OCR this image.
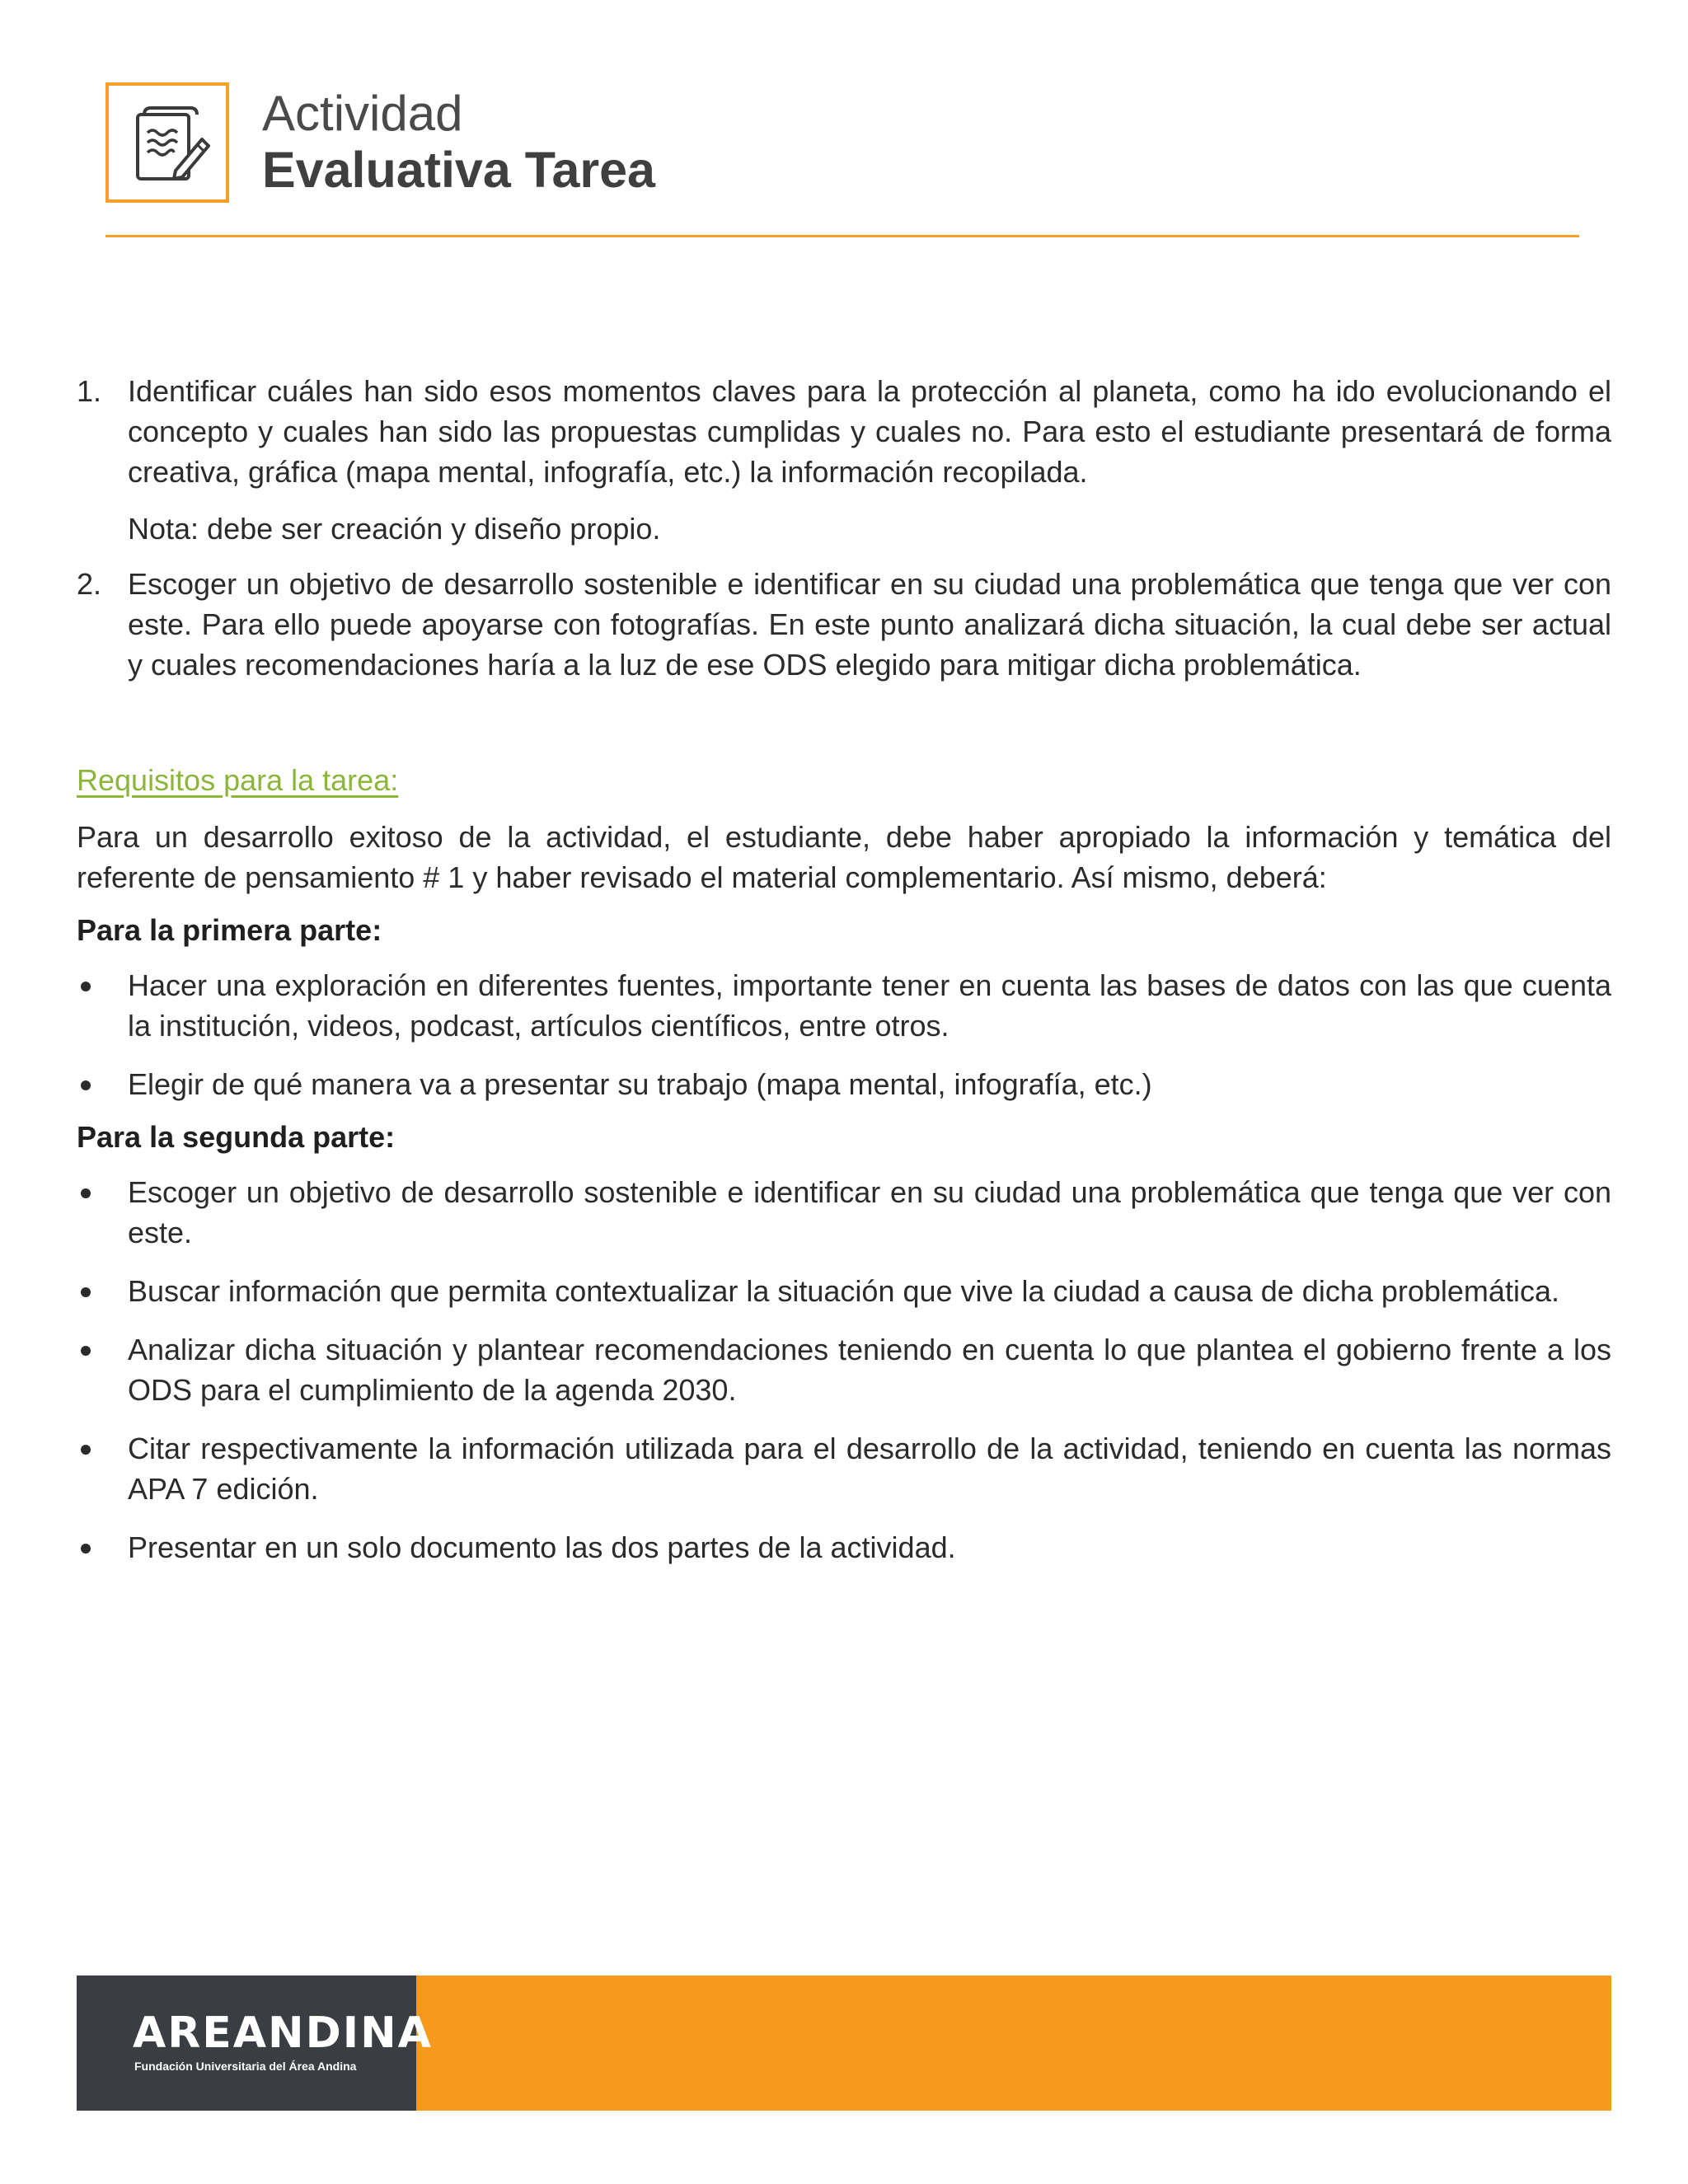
Actividad
Evaluativa Tarea
1. Identificar cuáles han sido esos momentos claves para la protección al planeta, como ha ido evolucionando el concepto y cuales han sido las propuestas cumplidas y cuales no. Para esto el estudiante presentará de forma creativa, gráfica (mapa mental, infografía, etc.) la información recopilada.
Nota: debe ser creación y diseño propio.
2. Escoger un objetivo de desarrollo sostenible e identificar en su ciudad una problemática que tenga que ver con este. Para ello puede apoyarse con fotografías. En este punto analizará dicha situación, la cual debe ser actual y cuales recomendaciones haría a la luz de ese ODS elegido para mitigar dicha problemática.
Requisitos para la tarea:
Para un desarrollo exitoso de la actividad, el estudiante, debe haber apropiado la información y temática del referente de pensamiento # 1 y haber revisado el material complementario. Así mismo, deberá:
Para la primera parte:
Hacer una exploración en diferentes fuentes, importante tener en cuenta las bases de datos con las que cuenta la institución, videos, podcast, artículos científicos, entre otros.
Elegir de qué manera va a presentar su trabajo (mapa mental, infografía, etc.)
Para la segunda parte:
Escoger un objetivo de desarrollo sostenible e identificar en su ciudad una problemática que tenga que ver con este.
Buscar información que permita contextualizar la situación que vive la ciudad a causa de dicha problemática.
Analizar dicha situación y plantear recomendaciones teniendo en cuenta lo que plantea el gobierno frente a los ODS para el cumplimiento de la agenda 2030.
Citar respectivamente la información utilizada para el desarrollo de la actividad, teniendo en cuenta las normas APA 7 edición.
Presentar en un solo documento las dos partes de la actividad.
AREANDINA
Fundación Universitaria del Área Andina
